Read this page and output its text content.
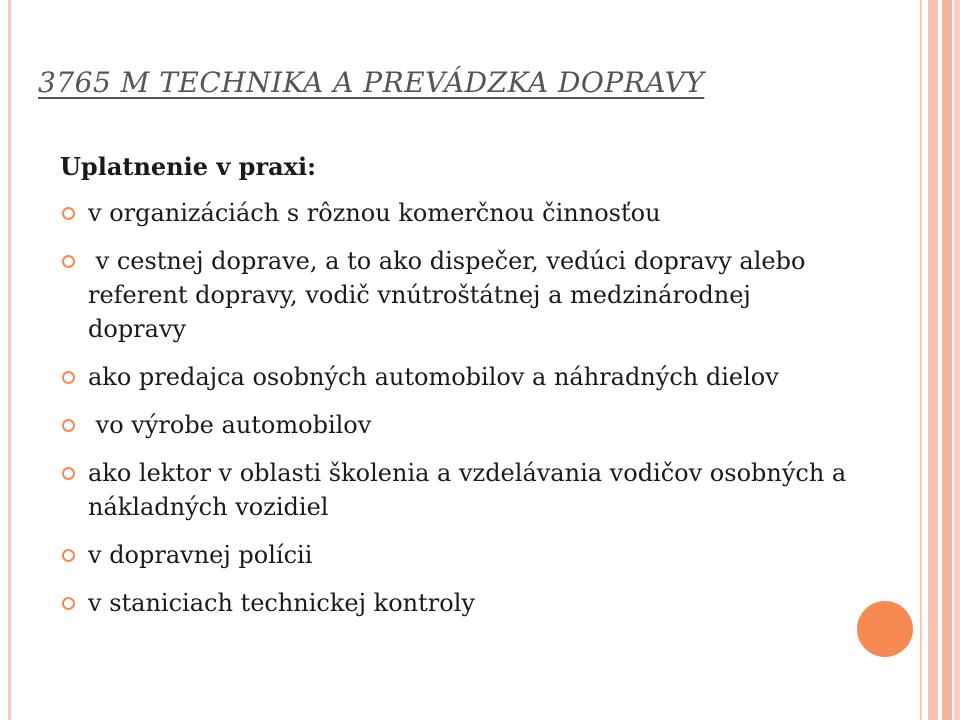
3765 M TECHNIKA A PREVÁDZKA DOPRAVY
Uplatnenie v praxi:
v organizáciách s rôznou komerčnou činnosťou
v cestnej doprave, a to ako dispečer, vedúci dopravy alebo referent dopravy, vodič vnútroštátnej a medzinárodnej dopravy
ako predajca osobných automobilov a náhradných dielov
vo výrobe automobilov
ako lektor v oblasti školenia a vzdelávania vodičov osobných a nákladných vozidiel
v dopravnej polícii
v staniciach technickej kontroly
